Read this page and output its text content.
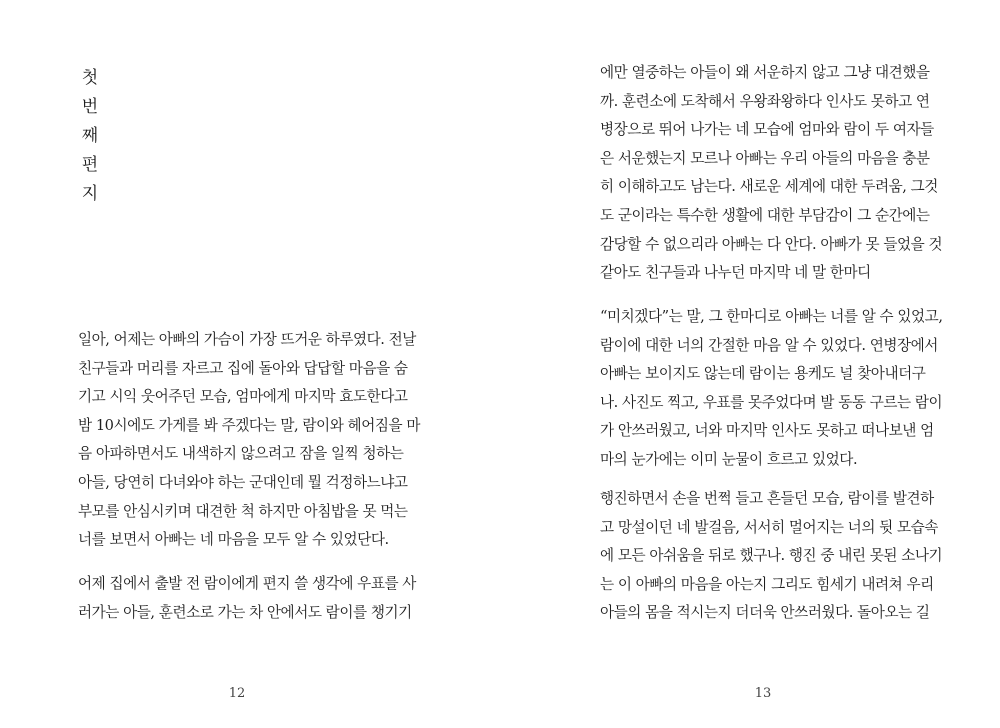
첫
번
째
편
지
일아, 어제는 아빠의 가슴이 가장 뜨거운 하루였다. 전날
친구들과 머리를 자르고 집에 돌아와 답답할 마음을 숨
기고 시익 웃어주던 모습, 엄마에게 마지막 효도한다고
밤 10시에도 가게를 봐 주겠다는 말, 람이와 헤어짐을 마
음 아파하면서도 내색하지 않으려고 잠을 일찍 청하는
아들, 당연히 다녀와야 하는 군대인데 뭘 걱정하느냐고
부모를 안심시키며 대견한 척 하지만 아침밥을 못 먹는
너를 보면서 아빠는 네 마음을 모두 알 수 있었단다.
어제 집에서 출발 전 람이에게 편지 쓸 생각에 우표를 사
러가는 아들, 훈련소로 가는 차 안에서도 람이를 챙기기
12
에만 열중하는 아들이 왜 서운하지 않고 그냥 대견했을
까. 훈련소에 도착해서 우왕좌왕하다 인사도 못하고 연
병장으로 뛰어 나가는 네 모습에 엄마와 람이 두 여자들
은 서운했는지 모르나 아빠는 우리 아들의 마음을 충분
히 이해하고도 남는다. 새로운 세계에 대한 두려움, 그것
도 군이라는 특수한 생활에 대한 부담감이 그 순간에는
감당할 수 없으리라 아빠는 다 안다. 아빠가 못 들었을 것
같아도 친구들과 나누던 마지막 네 말 한마디
“미치겠다”는 말, 그 한마디로 아빠는 너를 알 수 있었고,
람이에 대한 너의 간절한 마음 알 수 있었다. 연병장에서
아빠는 보이지도 않는데 람이는 용케도 널 찾아내더구
나. 사진도 찍고, 우표를 못주었다며 발 동동 구르는 람이
가 안쓰러웠고, 너와 마지막 인사도 못하고 떠나보낸 엄
마의 눈가에는 이미 눈물이 흐르고 있었다.
행진하면서 손을 번쩍 들고 흔들던 모습, 람이를 발견하
고 망설이던 네 발걸음, 서서히 멀어지는 너의 뒷 모습속
에 모든 아쉬움을 뒤로 했구나. 행진 중 내린 못된 소나기
는 이 아빠의 마음을 아는지 그리도 힘세기 내려쳐 우리
아들의 몸을 적시는지 더더욱 안쓰러웠다. 돌아오는 길
13
